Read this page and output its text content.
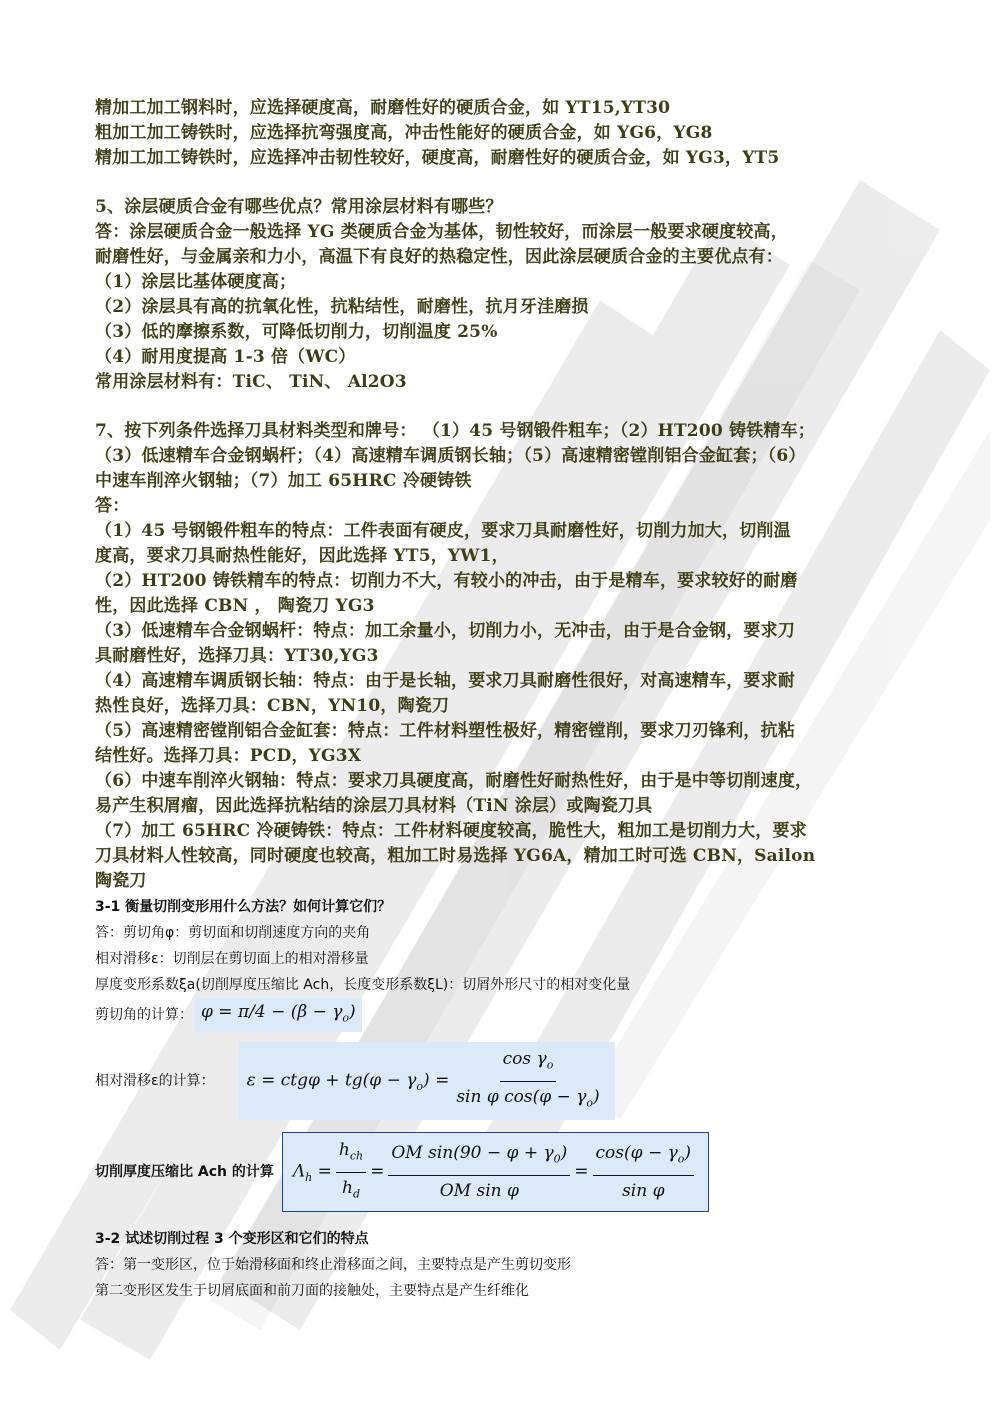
精加工加工钢料时，应选择硬度高，耐磨性好的硬质合金，如 YT15,YT30
粗加工加工铸铁时，应选择抗弯强度高，冲击性能好的硬质合金，如 YG6，YG8
精加工加工铸铁时，应选择冲击韧性较好，硬度高，耐磨性好的硬质合金，如 YG3，YT5
5、涂层硬质合金有哪些优点？常用涂层材料有哪些？
答：涂层硬质合金一般选择 YG 类硬质合金为基体，韧性较好，而涂层一般要求硬度较高，
耐磨性好，与金属亲和力小，高温下有良好的热稳定性，因此涂层硬质合金的主要优点有：
（1）涂层比基体硬度高；
（2）涂层具有高的抗氧化性，抗粘结性，耐磨性，抗月牙洼磨损
（3）低的摩擦系数，可降低切削力，切削温度 25%
（4）耐用度提高 1-3 倍（WC）
常用涂层材料有：TiC、 TiN、 Al2O3
7、按下列条件选择刀具材料类型和牌号： （1）45 号钢锻件粗车；（2）HT200 铸铁精车；
（3）低速精车合金钢蜗杆；（4）高速精车调质钢长轴；（5）高速精密镗削铝合金缸套；（6）
中速车削淬火钢轴；（7）加工 65HRC 冷硬铸铁
答：
（1）45 号钢锻件粗车的特点：工件表面有硬皮，要求刀具耐磨性好，切削力加大，切削温
度高，要求刀具耐热性能好，因此选择 YT5，YW1，
（2）HT200 铸铁精车的特点：切削力不大，有较小的冲击，由于是精车，要求较好的耐磨
性，因此选择 CBN ， 陶瓷刀 YG3
（3）低速精车合金钢蜗杆：特点：加工余量小，切削力小，无冲击，由于是合金钢，要求刀
具耐磨性好，选择刀具：YT30,YG3
（4）高速精车调质钢长轴：特点：由于是长轴，要求刀具耐磨性很好，对高速精车，要求耐
热性良好，选择刀具：CBN，YN10，陶瓷刀
（5）高速精密镗削铝合金缸套：特点：工件材料塑性极好，精密镗削，要求刀刃锋利，抗粘
结性好。选择刀具：PCD，YG3X
（6）中速车削淬火钢轴：特点：要求刀具硬度高，耐磨性好耐热性好，由于是中等切削速度，
易产生积屑瘤，因此选择抗粘结的涂层刀具材料（TiN 涂层）或陶瓷刀具
（7）加工 65HRC 冷硬铸铁：特点：工件材料硬度较高，脆性大，粗加工是切削力大，要求
刀具材料人性较高，同时硬度也较高，粗加工时易选择 YG6A，精加工时可选 CBN，Sailon
陶瓷刀
3-1 衡量切削变形用什么方法？如何计算它们？
答：剪切角φ：剪切面和切削速度方向的夹角
相对滑移ε：切削层在剪切面上的相对滑移量
厚度变形系数ξa(切削厚度压缩比 Ach，长度变形系数ξL)：切屑外形尺寸的相对变化量
剪切角的计算： $\varphi = \pi/4 - (\beta - \gamma_o)$
相对滑移ε的计算：	$\varepsilon = ctg\varphi + tg(\varphi - \gamma_o) = \frac{\cos \gamma_o}{\sin \varphi \cos(\varphi - \gamma_o)}$
切削厚度压缩比 Ach 的计算	$\Lambda_h = \frac{h_{ch}}{h_d} = \frac{OM \sin(90 - \varphi + \gamma_0)}{\text{OM sin φ}} = \frac{\cos(\varphi - \gamma_o)}{\text{sin φ}}$
3-2 试述切削过程 3 个变形区和它们的特点
答：第一变形区，位于始滑移面和终止滑移面之间，主要特点是产生剪切变形
第二变形区发生于切屑底面和前刀面的接触处，主要特点是产生纤维化
